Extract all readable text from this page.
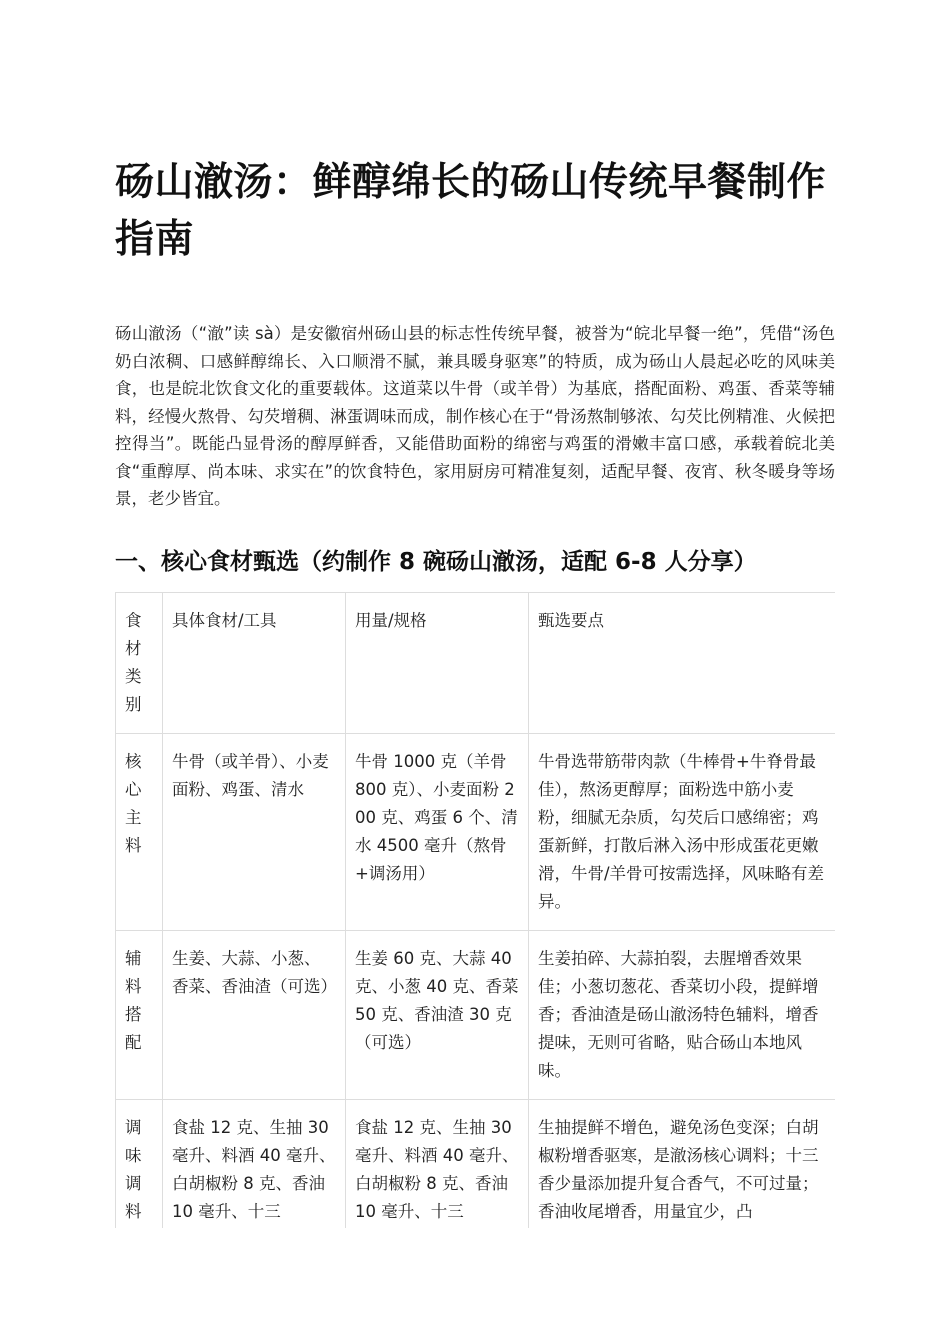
砀山澈汤：鲜醇绵长的砀山传统早餐制作指南

砀山澈汤（“澈”读 sà）是安徽宿州砀山县的标志性传统早餐，被誉为“皖北早餐一绝”，凭借“汤色奶白浓稠、口感鲜醇绵长、入口顺滑不腻，兼具暖身驱寒”的特质，成为砀山人晨起必吃的风味美食，也是皖北饮食文化的重要载体。这道菜以牛骨（或羊骨）为基底，搭配面粉、鸡蛋、香菜等辅料，经慢火熬骨、勾芡增稠、淋蛋调味而成，制作核心在于“骨汤熬制够浓、勾芡比例精准、火候把控得当”。既能凸显骨汤的醇厚鲜香，又能借助面粉的绵密与鸡蛋的滑嫩丰富口感，承载着皖北美食“重醇厚、尚本味、求实在”的饮食特色，家用厨房可精准复刻，适配早餐、夜宵、秋冬暖身等场景，老少皆宜。

一、核心食材甄选（约制作 8 碗砀山澈汤，适配 6-8 人分享）
食材类别	具体食材/工具	用量/规格	甄选要点
核心主料	牛骨（或羊骨）、小麦面粉、鸡蛋、清水	牛骨 1000 克（羊骨 800 克）、小麦面粉 200 克、鸡蛋 6 个、清水 4500 毫升（熬骨+调汤用）	牛骨选带筋带肉款（牛棒骨+牛脊骨最佳），熬汤更醇厚；面粉选中筋小麦粉，细腻无杂质，勾芡后口感绵密；鸡蛋新鲜，打散后淋入汤中形成蛋花更嫩滑，牛骨/羊骨可按需选择，风味略有差异。
辅料搭配	生姜、大蒜、小葱、香菜、香油渣（可选）	生姜 60 克、大蒜 40 克、小葱 40 克、香菜 50 克、香油渣 30 克（可选）	生姜拍碎、大蒜拍裂，去腥增香效果佳；小葱切葱花、香菜切小段，提鲜增香；香油渣是砀山澈汤特色辅料，增香提味，无则可省略，贴合砀山本地风味。
调味调料	食盐 12 克、生抽 30 毫升、料酒 40 毫升、白胡椒粉 8 克、香油 10 毫升、十三	食盐 12 克、生抽 30 毫升、料酒 40 毫升、白胡椒粉 8 克、香油 10 毫升、十三	生抽提鲜不增色，避免汤色变深；白胡椒粉增香驱寒，是澈汤核心调料；十三香少量添加提升复合香气，不可过量；香油收尾增香，用量宜少，凸
